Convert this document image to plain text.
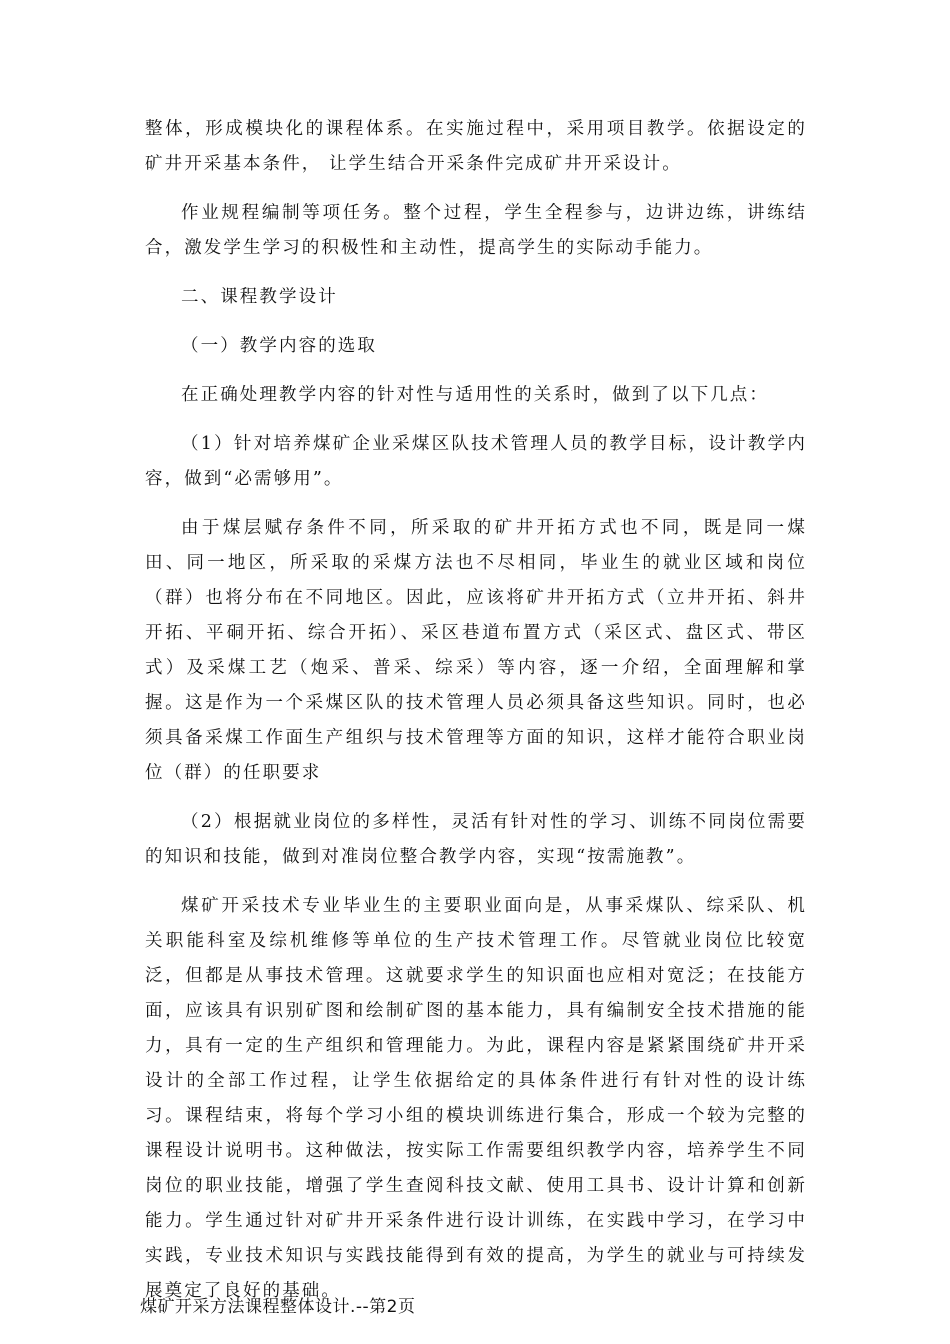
整体，形成模块化的课程体系。在实施过程中，采用项目教学。依据设定的矿井开采基本条件， 让学生结合开采条件完成矿井开采设计。

作业规程编制等项任务。整个过程，学生全程参与，边讲边练，讲练结合，激发学生学习的积极性和主动性，提高学生的实际动手能力。

二、课程教学设计

（一）教学内容的选取

在正确处理教学内容的针对性与适用性的关系时，做到了以下几点：

（1）针对培养煤矿企业采煤区队技术管理人员的教学目标，设计教学内容，做到“必需够用”。

由于煤层赋存条件不同，所采取的矿井开拓方式也不同，既是同一煤田、同一地区，所采取的采煤方法也不尽相同，毕业生的就业区域和岗位（群）也将分布在不同地区。因此，应该将矿井开拓方式（立井开拓、斜井开拓、平硐开拓、综合开拓）、采区巷道布置方式（采区式、盘区式、带区式）及采煤工艺（炮采、普采、综采）等内容，逐一介绍，全面理解和掌握。这是作为一个采煤区队的技术管理人员必须具备这些知识。同时，也必须具备采煤工作面生产组织与技术管理等方面的知识，这样才能符合职业岗位（群）的任职要求

（2）根据就业岗位的多样性，灵活有针对性的学习、训练不同岗位需要的知识和技能，做到对准岗位整合教学内容，实现“按需施教”。

煤矿开采技术专业毕业生的主要职业面向是，从事采煤队、综采队、机关职能科室及综机维修等单位的生产技术管理工作。尽管就业岗位比较宽泛，但都是从事技术管理。这就要求学生的知识面也应相对宽泛；在技能方面，应该具有识别矿图和绘制矿图的基本能力，具有编制安全技术措施的能力，具有一定的生产组织和管理能力。为此，课程内容是紧紧围绕矿井开采设计的全部工作过程，让学生依据给定的具体条件进行有针对性的设计练习。课程结束，将每个学习小组的模块训练进行集合，形成一个较为完整的课程设计说明书。这种做法，按实际工作需要组织教学内容，培养学生不同岗位的职业技能，增强了学生查阅科技文献、使用工具书、设计计算和创新能力。学生通过针对矿井开采条件进行设计训练，在实践中学习，在学习中实践，专业技术知识与实践技能得到有效的提高，为学生的就业与可持续发展奠定了良好的基础。

煤矿开采方法课程整体设计.--第2页
